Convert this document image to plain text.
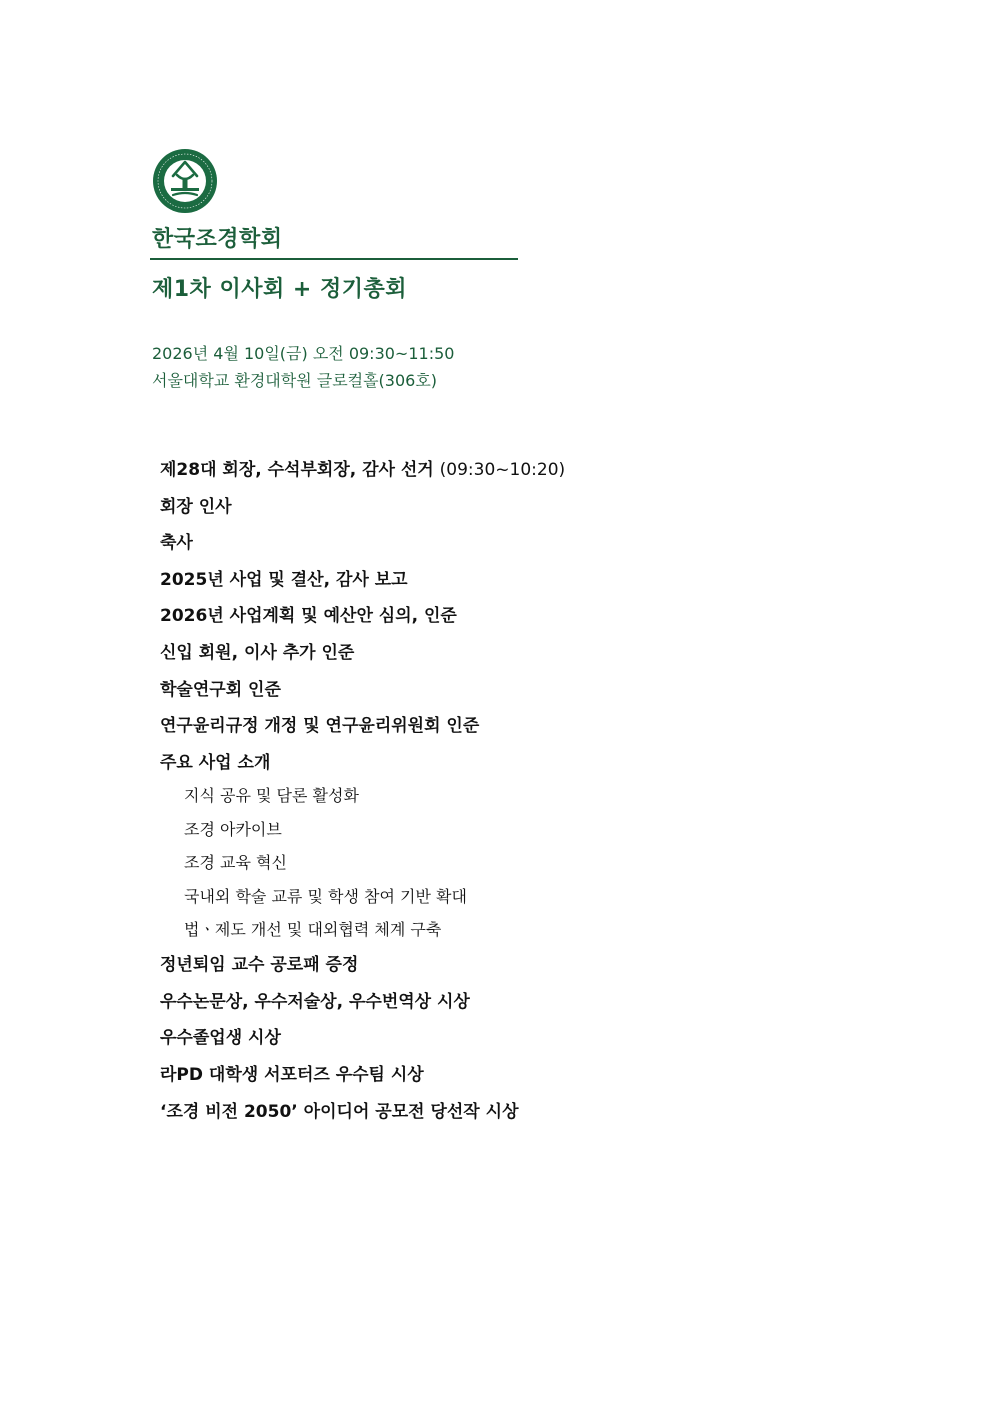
한국조경학회
제1차 이사회 + 정기총회
2026년 4월 10일(금) 오전 09:30~11:50
서울대학교 환경대학원 글로컬홀(306호)
제28대 회장, 수석부회장, 감사 선거 (09:30~10:20)
회장 인사
축사
2025년 사업 및 결산, 감사 보고
2026년 사업계획 및 예산안 심의, 인준
신입 회원, 이사 추가 인준
학술연구회 인준
연구윤리규정 개정 및 연구윤리위원회 인준
주요 사업 소개
지식 공유 및 담론 활성화
조경 아카이브
조경 교육 혁신
국내외 학술 교류 및 학생 참여 기반 확대
법ㆍ제도 개선 및 대외협력 체계 구축
정년퇴임 교수 공로패 증정
우수논문상, 우수저술상, 우수번역상 시상
우수졸업생 시상
라PD 대학생 서포터즈 우수팀 시상
‘조경 비전 2050’ 아이디어 공모전 당선작 시상
